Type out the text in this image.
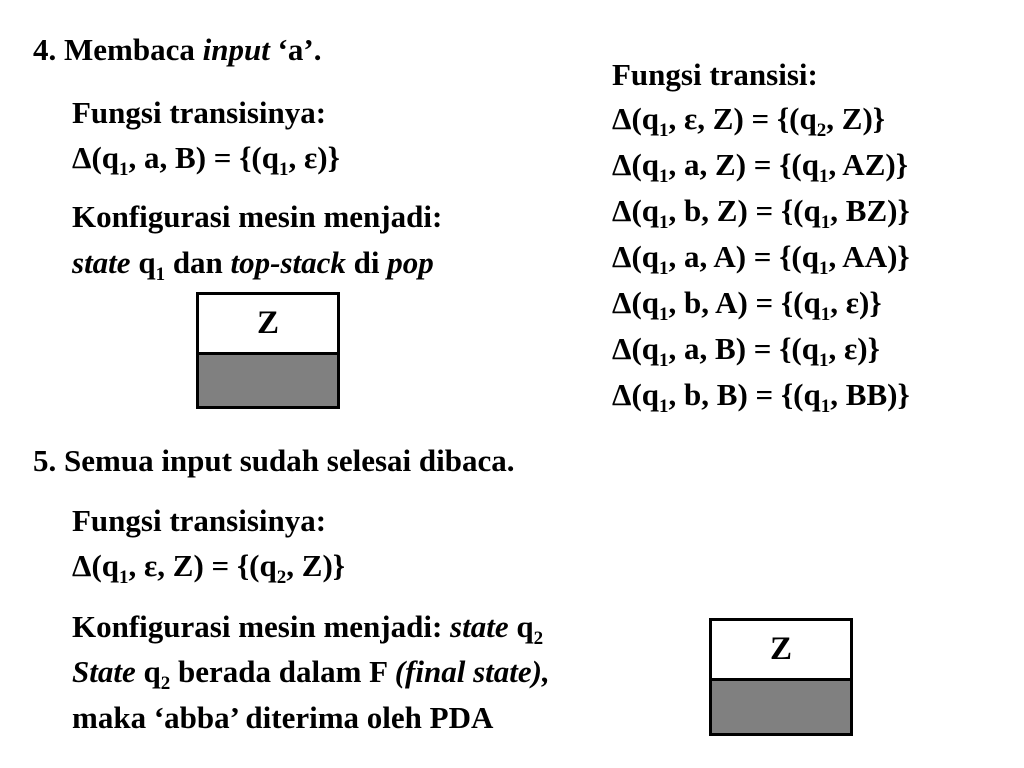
4. Membaca input ‘a’.
Fungsi transisinya:
$\Delta(q_1$, a, $B) = \{(q_1$, ε)}
Konfigurasi mesin menjadi:
state $q_1$ dan top-stack di pop
Z
Fungsi transisi:
$\Delta(q_1$, ε, $Z) = \{(q_2$, Z)}
$\Delta(q_1$, a, $Z) = \{(q_1$, AZ)}
$\Delta(q_1$, b, $Z) = \{(q_1$, BZ)}
$\Delta(q_1$, a, $A) = \{(q_1$, AA)}
$\Delta(q_1$, b, $A) = \{(q_1$, ε)}
$\Delta(q_1$, a, $B) = \{(q_1$, ε)}
$\Delta(q_1$, b, $B) = \{(q_1$, BB)}
5. Semua input sudah selesai dibaca.
Fungsi transisinya:
$\Delta(q_1$, ε, $Z) = \{(q_2$, Z)}
Konfigurasi mesin menjadi: state $q_2$
State $q_2$ berada dalam F (final state),
maka ‘abba’ diterima oleh PDA
Z
